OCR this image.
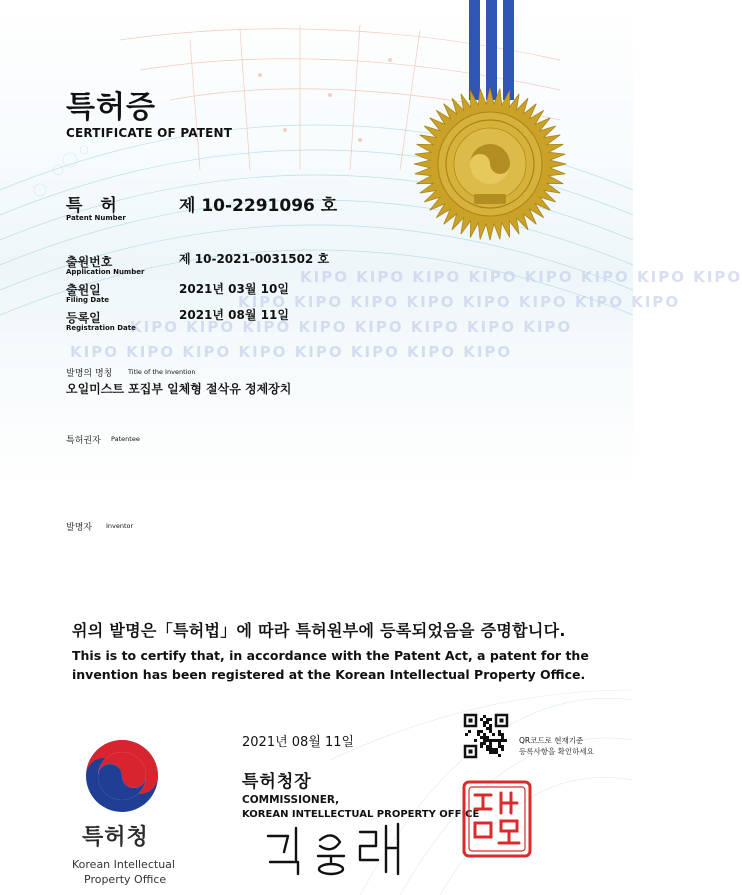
KIPO KIPO KIPO KIPO KIPO KIPO KIPO KIPO
KIPO KIPO KIPO KIPO KIPO KIPO KIPO KIPO
KIPO KIPO KIPO KIPO KIPO KIPO KIPO KIPO
KIPO KIPO KIPO KIPO KIPO KIPO KIPO KIPO
특허증
CERTIFICATE OF PATENT
특 허
Patent Number
제 10-2291096 호
출원번호
Application Number
제 10-2021-0031502 호
출원일
Filing Date
2021년 03월 10일
등록일
Registration Date
2021년 08월 11일
발명의 명칭 Title of the Invention
오일미스트 포집부 일체형 절삭유 정제장치
특허권자 Patentee
발명자 Inventor
위의 발명은「특허법」에 따라 특허원부에 등록되었음을 증명합니다.
This is to certify that, in accordance with the Patent Act, a patent for the
invention has been registered at the Korean Intellectual Property Office.
2021년 08월 11일
특허청장
COMMISSIONER,
KOREAN INTELLECTUAL PROPERTY OFFICE
QR코드로 현재기준
등록사항을 확인하세요
특허청
Korean Intellectual
Property Office
